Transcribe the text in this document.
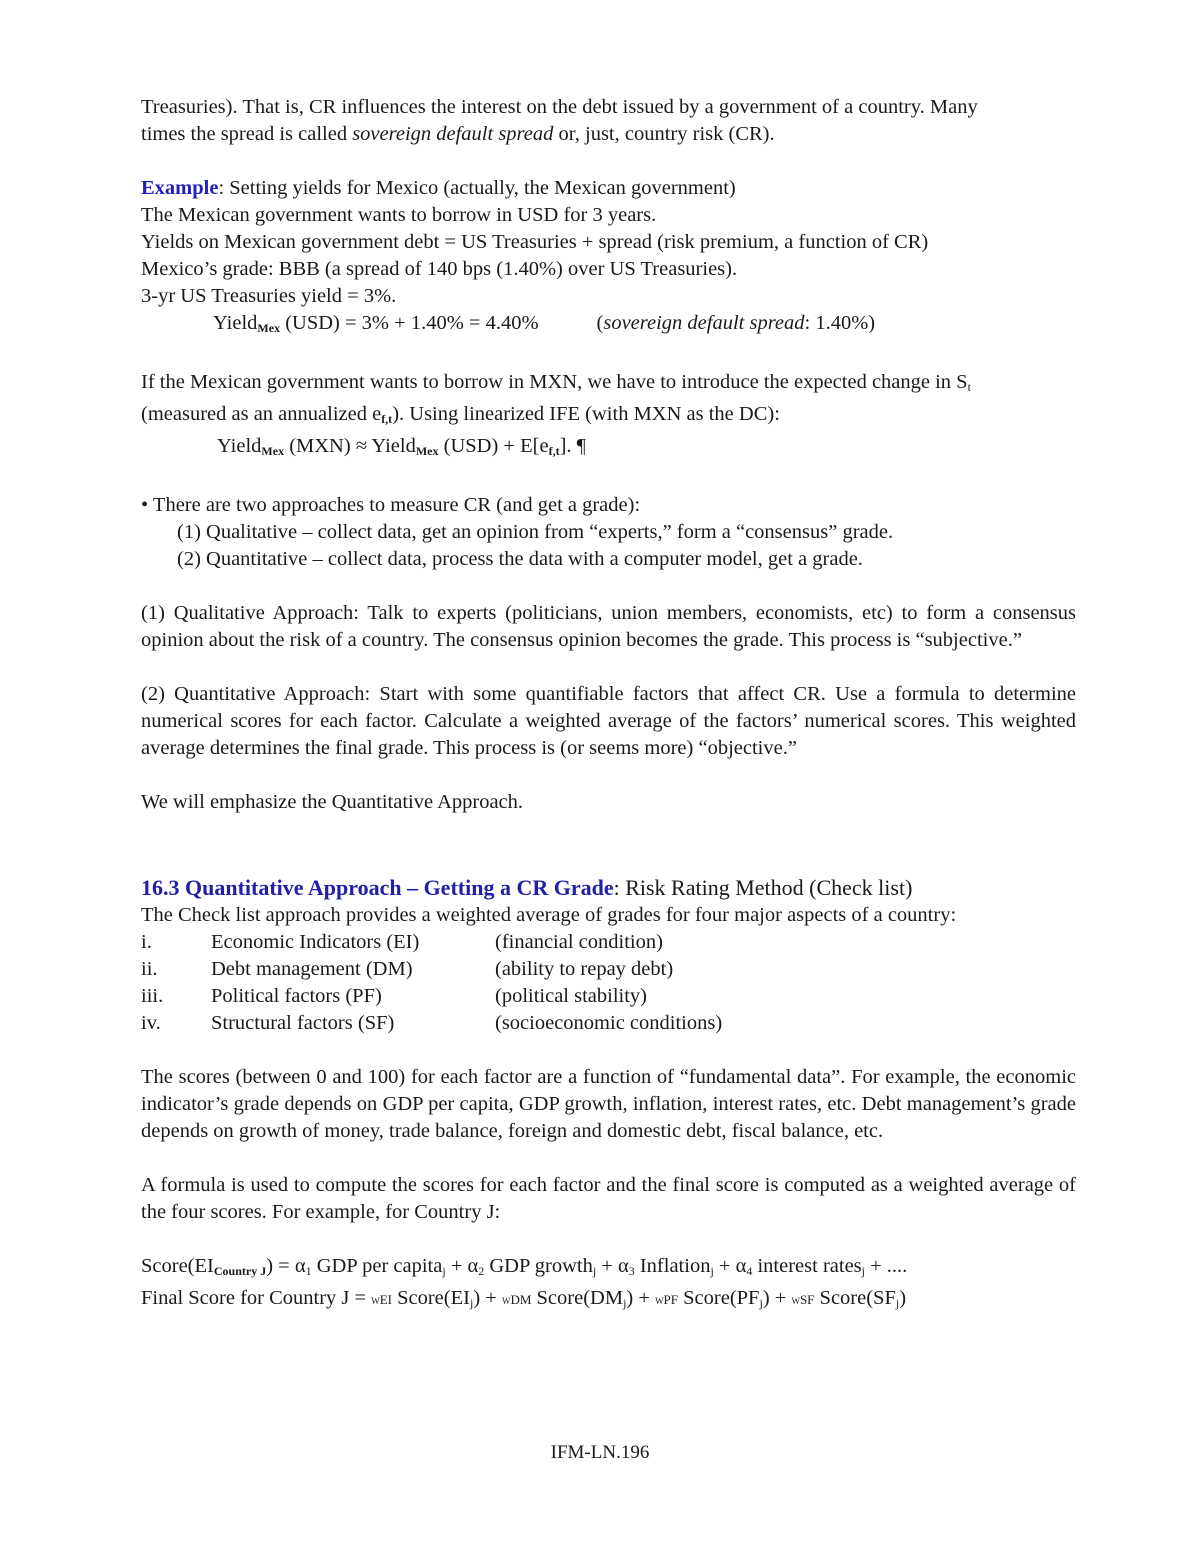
Treasuries). That is, CR influences the interest on the debt issued by a government of a country. Many
times the spread is called sovereign default spread or, just, country risk (CR).
Example: Setting yields for Mexico (actually, the Mexican government)
The Mexican government wants to borrow in USD for 3 years.
Yields on Mexican government debt = US Treasuries + spread (risk premium, a function of CR)
Mexico’s grade: BBB (a spread of 140 bps (1.40%) over US Treasuries).
3-yr US Treasuries yield = 3%.
YieldMex (USD) = 3% + 1.40% = 4.40%	(sovereign default spread: 1.40%)
If the Mexican government wants to borrow in MXN, we have to introduce the expected change in $S_t$
(measured as an annualized ef,t). Using linearized IFE (with MXN as the DC):
YieldMex (MXN) ≈ YieldMex (USD) + E[ef,t]. ¶
• There are two approaches to measure CR (and get a grade):
(1) Qualitative – collect data, get an opinion from “experts,” form a “consensus” grade.
(2) Quantitative – collect data, process the data with a computer model, get a grade.
(1) Qualitative Approach: Talk to experts (politicians, union members, economists, etc) to form a consensus opinion about the risk of a country. The consensus opinion becomes the grade. This process is “subjective.”
(2) Quantitative Approach: Start with some quantifiable factors that affect CR. Use a formula to determine numerical scores for each factor. Calculate a weighted average of the factors’ numerical scores. This weighted average determines the final grade. This process is (or seems more) “objective.”
We will emphasize the Quantitative Approach.
16.3 Quantitative Approach – Getting a CR Grade: Risk Rating Method (Check list)
The Check list approach provides a weighted average of grades for four major aspects of a country:
i.	Economic Indicators (EI)	(financial condition)
ii.	Debt management (DM)	(ability to repay debt)
iii.	Political factors (PF)	(political stability)
iv.	Structural factors (SF)	(socioeconomic conditions)
The scores (between 0 and 100) for each factor are a function of “fundamental data”. For example, the economic indicator’s grade depends on GDP per capita, GDP growth, inflation, interest rates, etc. Debt management’s grade depends on growth of money, trade balance, foreign and domestic debt, fiscal balance, etc.
A formula is used to compute the scores for each factor and the final score is computed as a weighted average of the four scores. For example, for Country J:
Score(EICountry $J) = \alpha_1$ GDP per capita$_j$ + $\alpha_2$ GDP growth$_j$ + $\alpha_3$ Inflation$_j$ + $\alpha_4$ interest rates$_j$ + ....
Final Score for Country J = wEI $Score(EI_j)$ + wDM $Score(DM_j)$ + wPF $Score(PF_j)$ + wSF $Score(SF_j)$
IFM-LN.196
